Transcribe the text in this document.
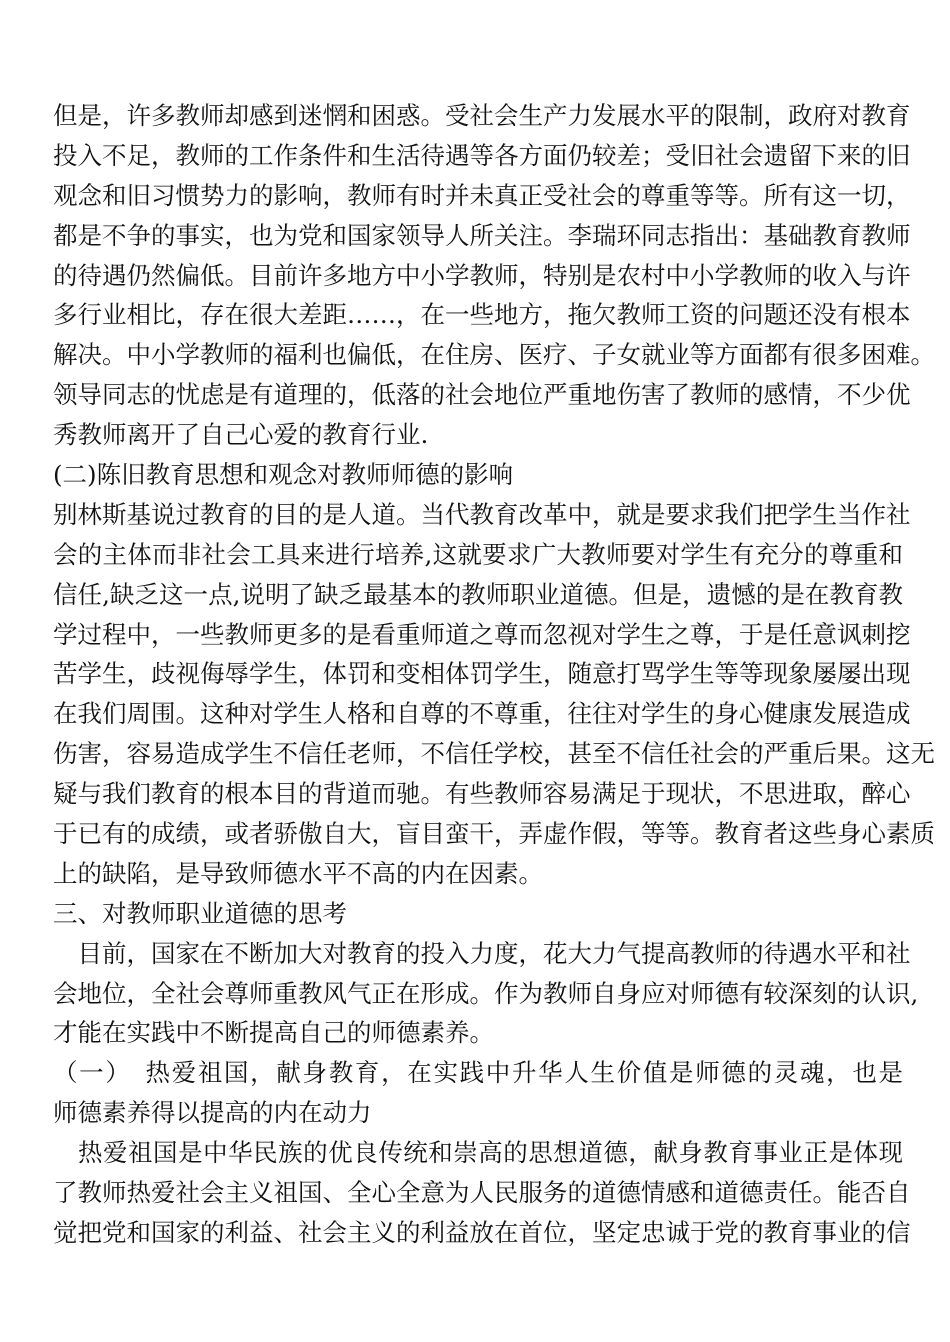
但是，许多教师却感到迷惘和困惑。受社会生产力发展水平的限制，政府对教育
投入不足，教师的工作条件和生活待遇等各方面仍较差；受旧社会遗留下来的旧
观念和旧习惯势力的影响，教师有时并未真正受社会的尊重等等。所有这一切，
都是不争的事实，也为党和国家领导人所关注。李瑞环同志指出：基础教育教师
的待遇仍然偏低。目前许多地方中小学教师，特别是农村中小学教师的收入与许
多行业相比，存在很大差距……，在一些地方，拖欠教师工资的问题还没有根本
解决。中小学教师的福利也偏低，在住房、医疗、子女就业等方面都有很多困难。
领导同志的忧虑是有道理的，低落的社会地位严重地伤害了教师的感情，不少优
秀教师离开了自己心爱的教育行业.
(二)陈旧教育思想和观念对教师师德的影响
别林斯基说过教育的目的是人道。当代教育改革中，就是要求我们把学生当作社
会的主体而非社会工具来进行培养,这就要求广大教师要对学生有充分的尊重和
信任,缺乏这一点,说明了缺乏最基本的教师职业道德。但是，遗憾的是在教育教
学过程中，一些教师更多的是看重师道之尊而忽视对学生之尊，于是任意讽刺挖
苦学生，歧视侮辱学生，体罚和变相体罚学生，随意打骂学生等等现象屡屡出现
在我们周围。这种对学生人格和自尊的不尊重，往往对学生的身心健康发展造成
伤害，容易造成学生不信任老师，不信任学校，甚至不信任社会的严重后果。这无
疑与我们教育的根本目的背道而驰。有些教师容易满足于现状，不思进取，醉心
于已有的成绩，或者骄傲自大，盲目蛮干，弄虚作假，等等。教育者这些身心素质
上的缺陷，是导致师德水平不高的内在因素。
三、对教师职业道德的思考
　目前，国家在不断加大对教育的投入力度，花大力气提高教师的待遇水平和社
会地位，全社会尊师重教风气正在形成。作为教师自身应对师德有较深刻的认识,
才能在实践中不断提高自己的师德素养。
（一）　热爱祖国，献身教育，在实践中升华人生价值是师德的灵魂，也是
师德素养得以提高的内在动力
　热爱祖国是中华民族的优良传统和崇高的思想道德，献身教育事业正是体现
了教师热爱社会主义祖国、全心全意为人民服务的道德情感和道德责任。能否自
觉把党和国家的利益、社会主义的利益放在首位，坚定忠诚于党的教育事业的信
